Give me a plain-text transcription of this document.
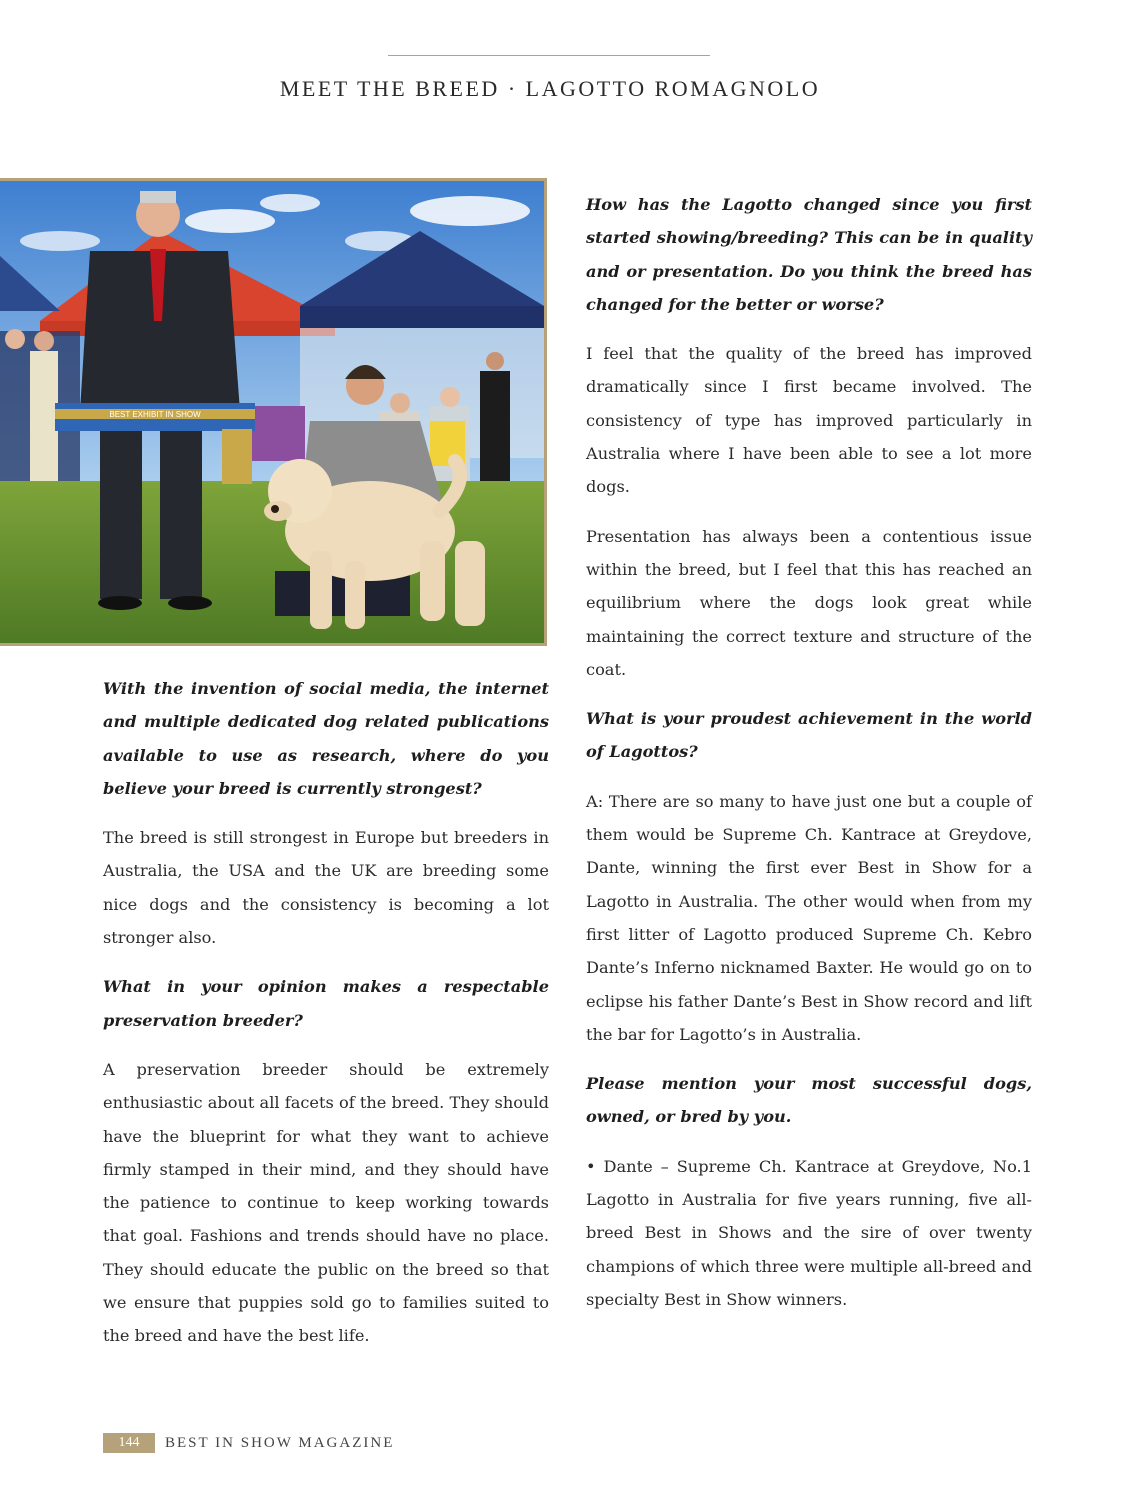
MEET THE BREED · LAGOTTO ROMAGNOLO
BEST EXHIBIT IN SHOW

With the invention of social media, the internet and multiple dedicated dog related publications available to use as research, where do you believe your breed is currently strongest?

The breed is still strongest in Europe but breeders in Australia, the USA and the UK are breeding some nice dogs and the consistency is becoming a lot stronger also.

What in your opinion makes a respectable preservation breeder?

A preservation breeder should be extremely enthusiastic about all facets of the breed. They should have the blueprint for what they want to achieve firmly stamped in their mind, and they should have the patience to continue to keep working towards that goal. Fashions and trends should have no place. They should educate the public on the breed so that we ensure that puppies sold go to families suited to the breed and have the best life.

How has the Lagotto changed since you first started showing/breeding? This can be in quality and or presentation. Do you think the breed has changed for the better or worse?

I feel that the quality of the breed has improved dramatically since I first became involved. The consistency of type has improved particularly in Australia where I have been able to see a lot more dogs.

Presentation has always been a contentious issue within the breed, but I feel that this has reached an equilibrium where the dogs look great while maintaining the correct texture and structure of the coat.

What is your proudest achievement in the world of Lagottos?

A: There are so many to have just one but a couple of them would be Supreme Ch. Kantrace at Greydove, Dante, winning the first ever Best in Show for a Lagotto in Australia. The other would when from my first litter of Lagotto produced Supreme Ch. Kebro Dante’s Inferno nicknamed Baxter. He would go on to eclipse his father Dante’s Best in Show record and lift the bar for Lagotto’s in Australia.

Please mention your most successful dogs, owned, or bred by you.

• Dante – Supreme Ch. Kantrace at Greydove, No.1 Lagotto in Australia for five years running, five all-breed Best in Shows and the sire of over twenty champions of which three were multiple all-breed and specialty Best in Show winners.

144	BEST IN SHOW MAGAZINE
